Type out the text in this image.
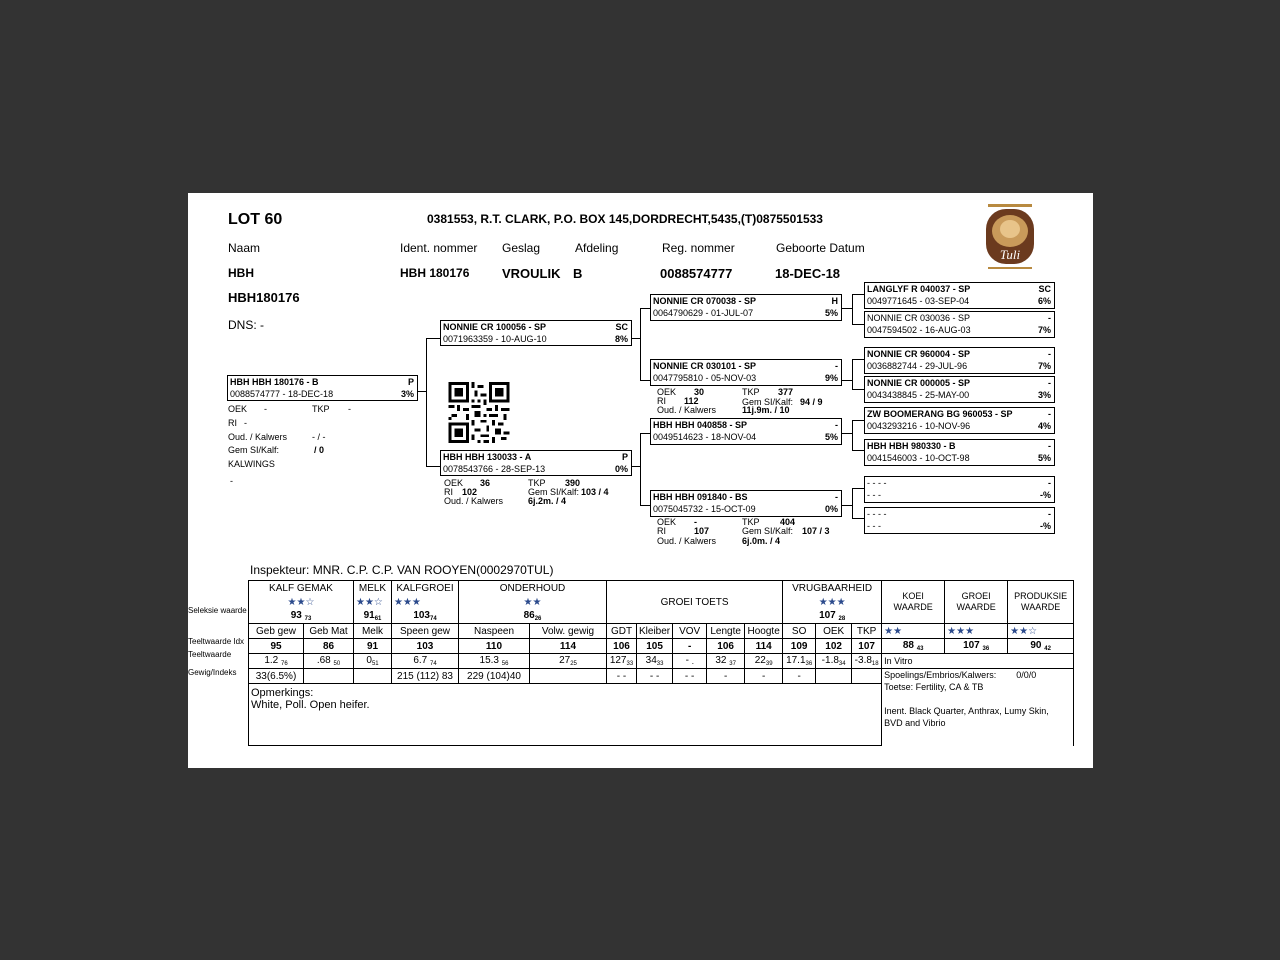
LOT 60	0381553, R.T. CLARK, P.O. BOX 145,DORDRECHT,5435,(T)0875501533
Naam	Ident. nommer Geslag	Afdeling	Reg. nommer	Geboorte Datum
HBH	HBH 180176	VROULIK B	0088574777	18-DEC-18
HBH180176
DNS: -
Tuli
HBH HBH 180176 - B	P
0088574777 - 18-DEC-18	3%
OEK -	TKP -
RI -
Oud. / Kalwers	- / -
Gem SI/Kalf:	/ 0
KALWINGS
-
NONNIE CR 100056 - SP	SC
0071963359 - 10-AUG-10	8%
HBH HBH 130033 - A	P
0078543766 - 28-SEP-13	0%
OEK 36	TKP 390
RI 102	Gem SI/Kalf: 103 / 4
Oud. / Kalwers	6j.2m. / 4
NONNIE CR 070038 - SP	H
0064790629 - 01-JUL-07	5%
NONNIE CR 030101 - SP	-
0047795810 - 05-NOV-03	9%
OEK 30	TKP 377
RI 112	Gem SI/Kalf: 94 / 9
Oud. / Kalwers	11j.9m. / 10
HBH HBH 040858 - SP	-
0049514623 - 18-NOV-04	5%
HBH HBH 091840 - BS	-
0075045732 - 15-OCT-09	0%
OEK -	TKP 404
RI	107	Gem SI/Kalf: 107 / 3
Oud. / Kalwers	6j.0m. / 4
LANGLYF R 040037 - SP	SC
0049771645 - 03-SEP-04	6%
NONNIE CR 030036 - SP	-
0047594502 - 16-AUG-03	7%
NONNIE CR 960004 - SP	-
0036882744 - 29-JUL-96	7%
NONNIE CR 000005 - SP	-
0043438845 - 25-MAY-00	3%
ZW BOOMERANG BG 960053 - SP	-
0043293216 - 10-NOV-96	4%
HBH HBH 980330 - B	-
0041546003 - 10-OCT-98	5%
- - - -	-
- - -	-%
- - - -	-
- - -	-%
Inspekteur: MNR. C.P. C.P. VAN ROOYEN(0002970TUL)
Seleksie waarde
Teeltwaarde Idx
Teeltwaarde
Gewig/Indeks
KALF GEMAK		MELK	KALFGROEI	ONDERHOUD		GROEI TOETS					VRUGBAARHEID			KOEI WAARDE	GROEI WAARDE	PRODUKSIE WAARDE
★★☆		★★☆	★★★	★★							★★★					
93 $_{73}$		$91_{61}$	$103_{74}$	$86_{26}$							107 $_{28}$
Geb gew	Geb Mat	Melk	Speen gew	Naspeen	Volw. gewig	GDT	Kleiber	VOV	Lengte	Hoogte	SO	OEK	TKP	★★	★★★	★★☆
95	86	91	103	110	114	106	105	-	106	114	109	102	107	88 $_{43}$	107 $_{36}$	90 $_{42}$
1.2 $_{76}$	.68 $_{50}$	$0_{51}$	6.7 $_{74}$	15.3 $_{56}$	$27_{25}$	$127_{33}$	$34_{33}$	- $_-$	32 $_{37}$	$22_{39}$	$17.1_{36}$	$-1.8_{34}$	$-3.8_{18}$	In Vitro		
33(6.5%)			215 (112) 83	229 (104)40		- -	- -	- -	-	-	-			Spoelings/Embrios/Kalwers: 0/0/0
Toetse: Fertility, CA & TB
Inent. Black Quarter, Anthrax, Lumy Skin,
BVD and Vibrio		

Opmerkings:
White, Poll. Open heifer.																
